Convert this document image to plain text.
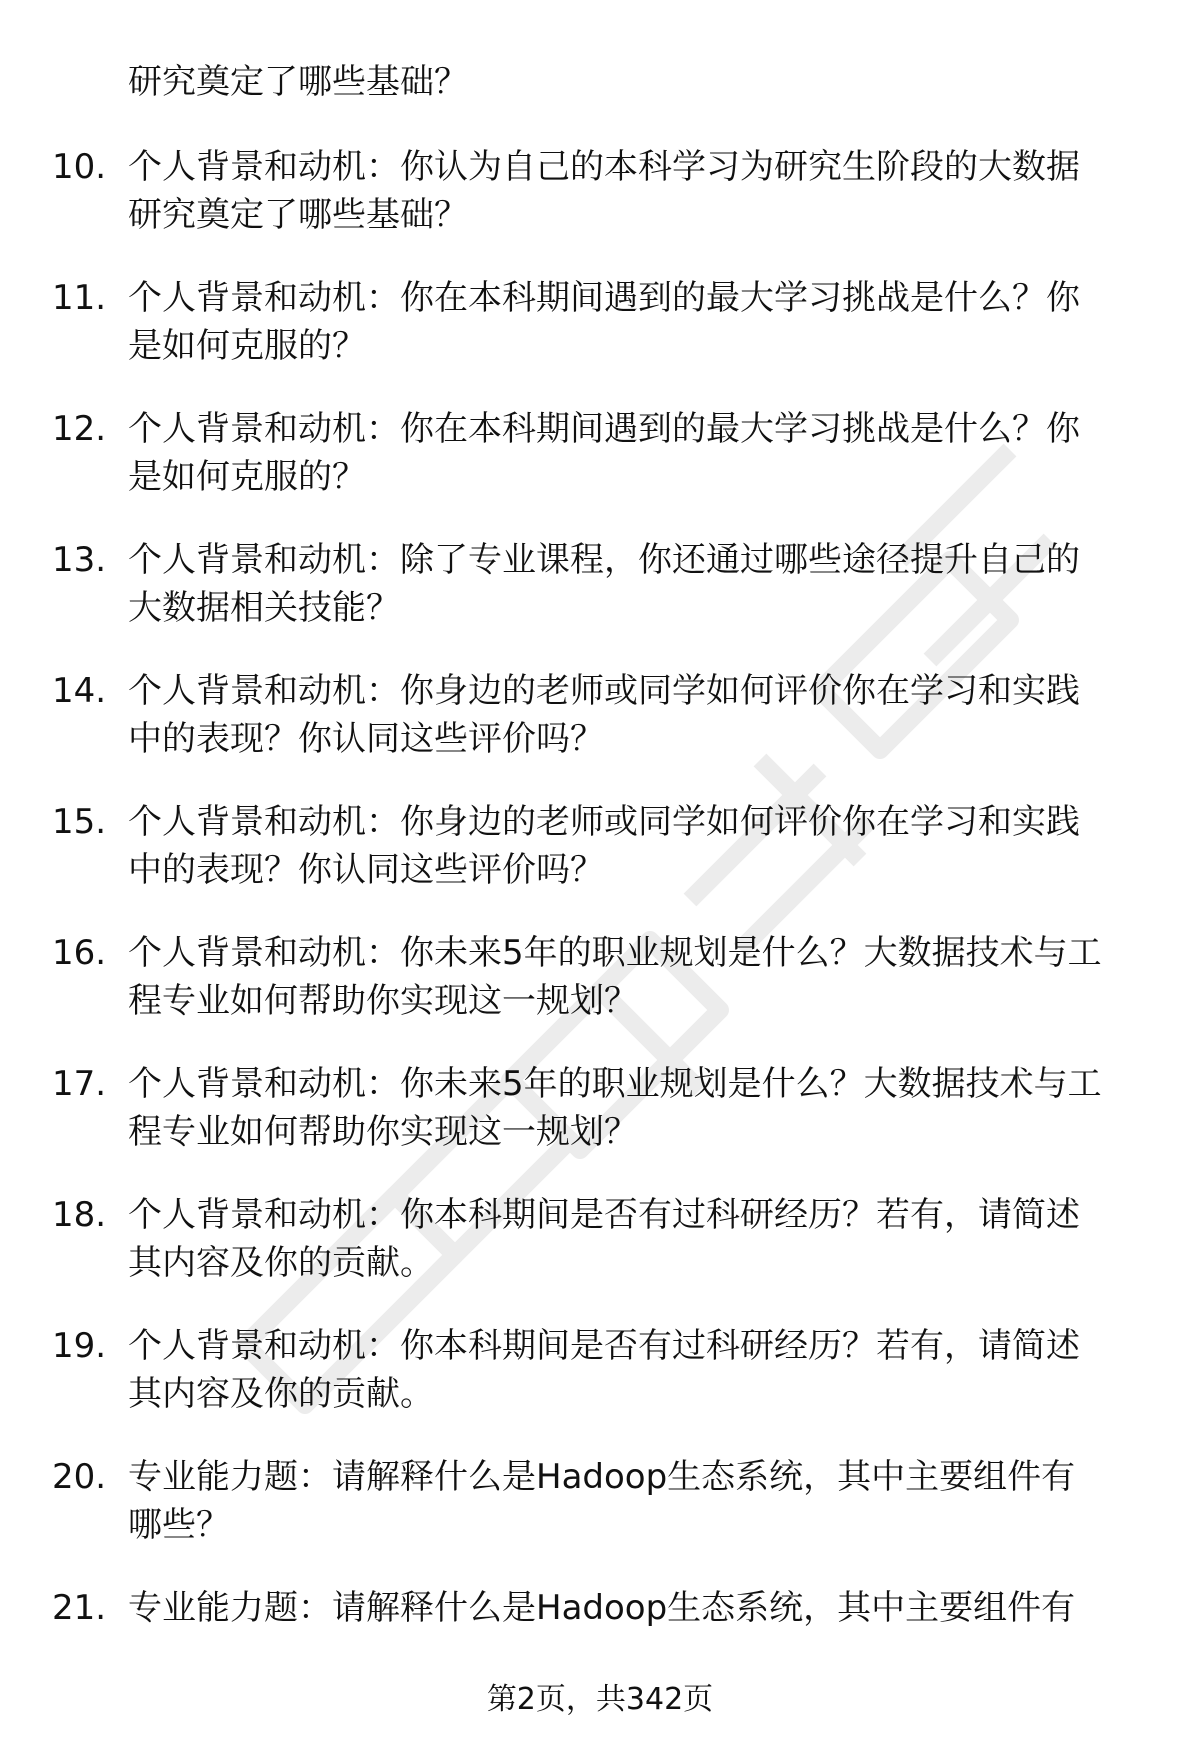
研究奠定了哪些基础？

10. 个人背景和动机：你认为自己的本科学习为研究生阶段的大数据
研究奠定了哪些基础？
11. 个人背景和动机：你在本科期间遇到的最大学习挑战是什么？你
是如何克服的？
12. 个人背景和动机：你在本科期间遇到的最大学习挑战是什么？你
是如何克服的？
13. 个人背景和动机：除了专业课程，你还通过哪些途径提升自己的
大数据相关技能？
14. 个人背景和动机：你身边的老师或同学如何评价你在学习和实践
中的表现？你认同这些评价吗？
15. 个人背景和动机：你身边的老师或同学如何评价你在学习和实践
中的表现？你认同这些评价吗？
16. 个人背景和动机：你未来5年的职业规划是什么？大数据技术与工
程专业如何帮助你实现这一规划？
17. 个人背景和动机：你未来5年的职业规划是什么？大数据技术与工
程专业如何帮助你实现这一规划？
18. 个人背景和动机：你本科期间是否有过科研经历？若有，请简述
其内容及你的贡献。
19. 个人背景和动机：你本科期间是否有过科研经历？若有，请简述
其内容及你的贡献。
20. 专业能力题：请解释什么是Hadoop生态系统，其中主要组件有
哪些？
21. 专业能力题：请解释什么是Hadoop生态系统，其中主要组件有
第2页，共342页
